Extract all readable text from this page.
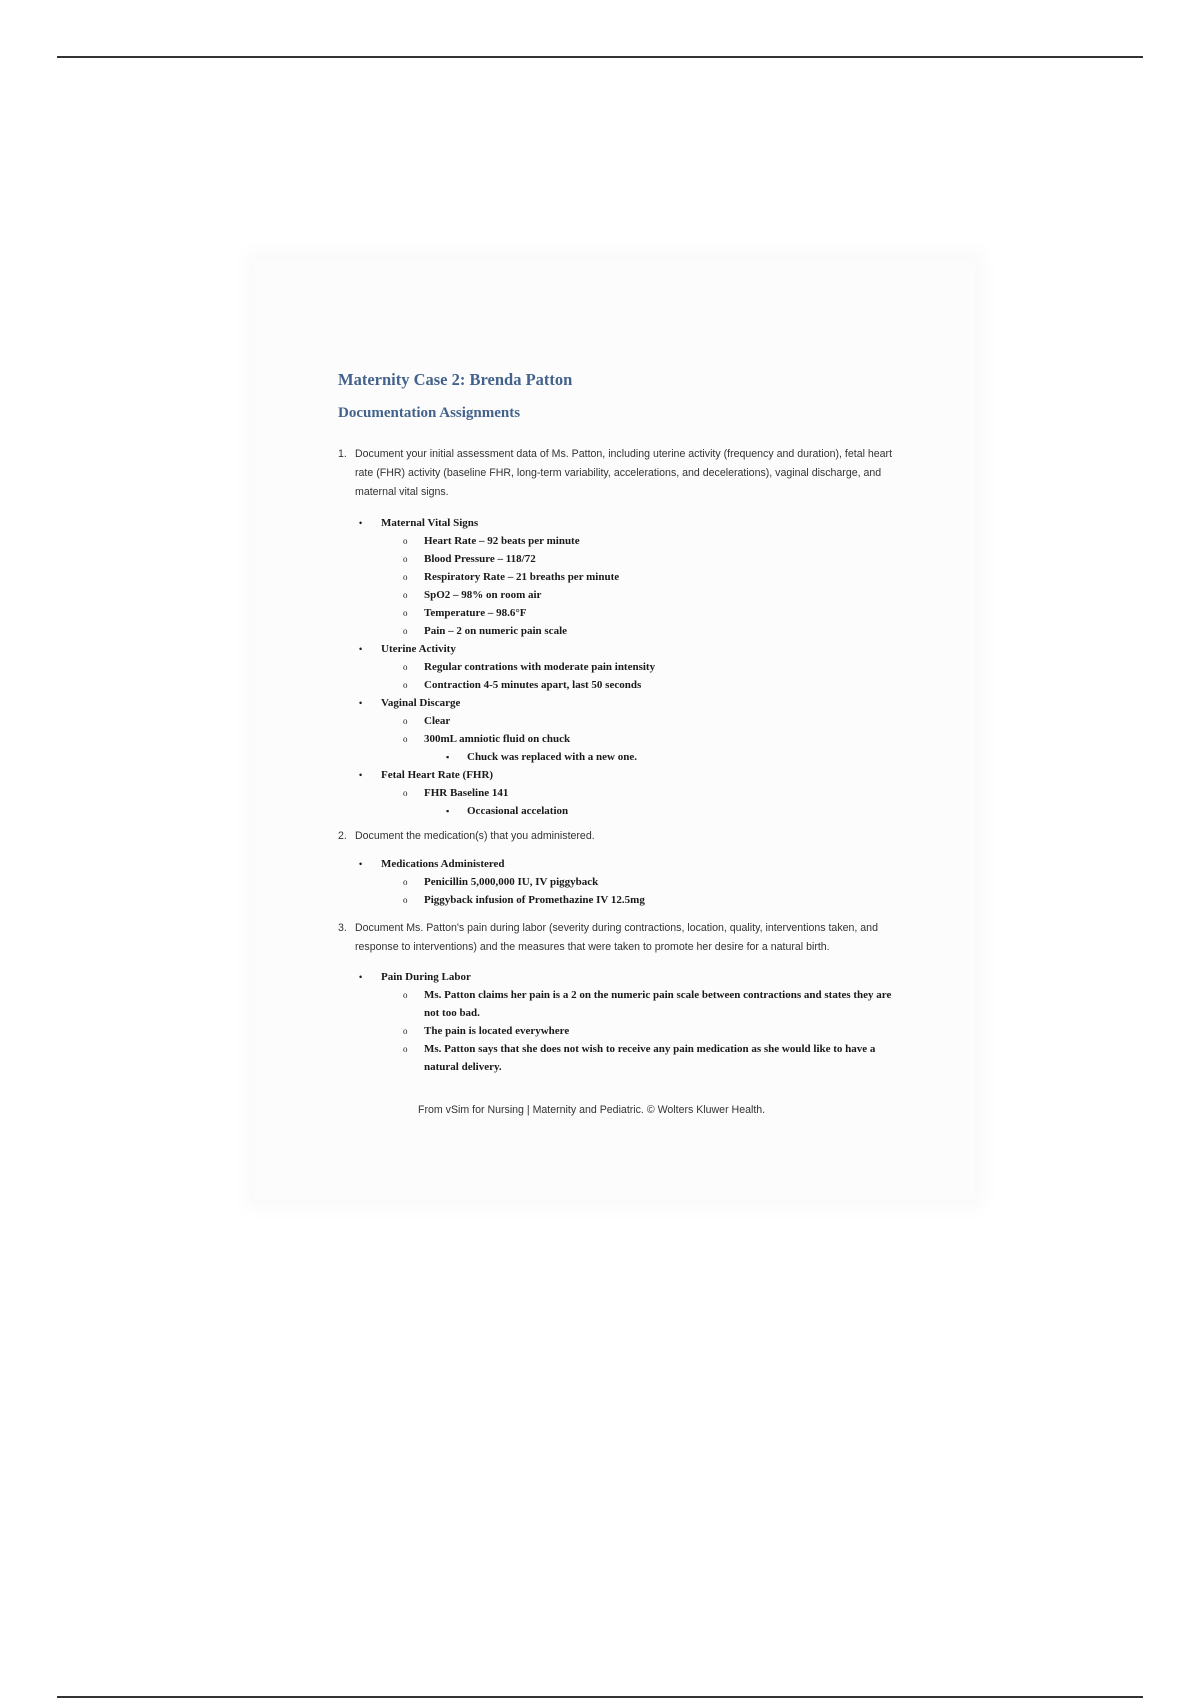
Maternity Case 2: Brenda Patton
Documentation Assignments
1. Document your initial assessment data of Ms. Patton, including uterine activity (frequency and duration), fetal heart rate (FHR) activity (baseline FHR, long-term variability, accelerations, and decelerations), vaginal discharge, and maternal vital signs.
• Maternal Vital Signs
o Heart Rate – 92 beats per minute
o Blood Pressure – 118/72
o Respiratory Rate – 21 breaths per minute
o SpO2 – 98% on room air
o Temperature – 98.6°F
o Pain – 2 on numeric pain scale
• Uterine Activity
o Regular contrations with moderate pain intensity
o Contraction 4-5 minutes apart, last 50 seconds
• Vaginal Discarge
o Clear
o 300mL amniotic fluid on chuck
▪ Chuck was replaced with a new one.
• Fetal Heart Rate (FHR)
o FHR Baseline 141
▪ Occasional accelation
2. Document the medication(s) that you administered.
• Medications Administered
o Penicillin 5,000,000 IU, IV piggyback
o Piggyback infusion of Promethazine IV 12.5mg
3. Document Ms. Patton's pain during labor (severity during contractions, location, quality, interventions taken, and response to interventions) and the measures that were taken to promote her desire for a natural birth.
• Pain During Labor
o Ms. Patton claims her pain is a 2 on the numeric pain scale between contractions and states they are not too bad.
o The pain is located everywhere
o Ms. Patton says that she does not wish to receive any pain medication as she would like to have a natural delivery.
From vSim for Nursing | Maternity and Pediatric. © Wolters Kluwer Health.
